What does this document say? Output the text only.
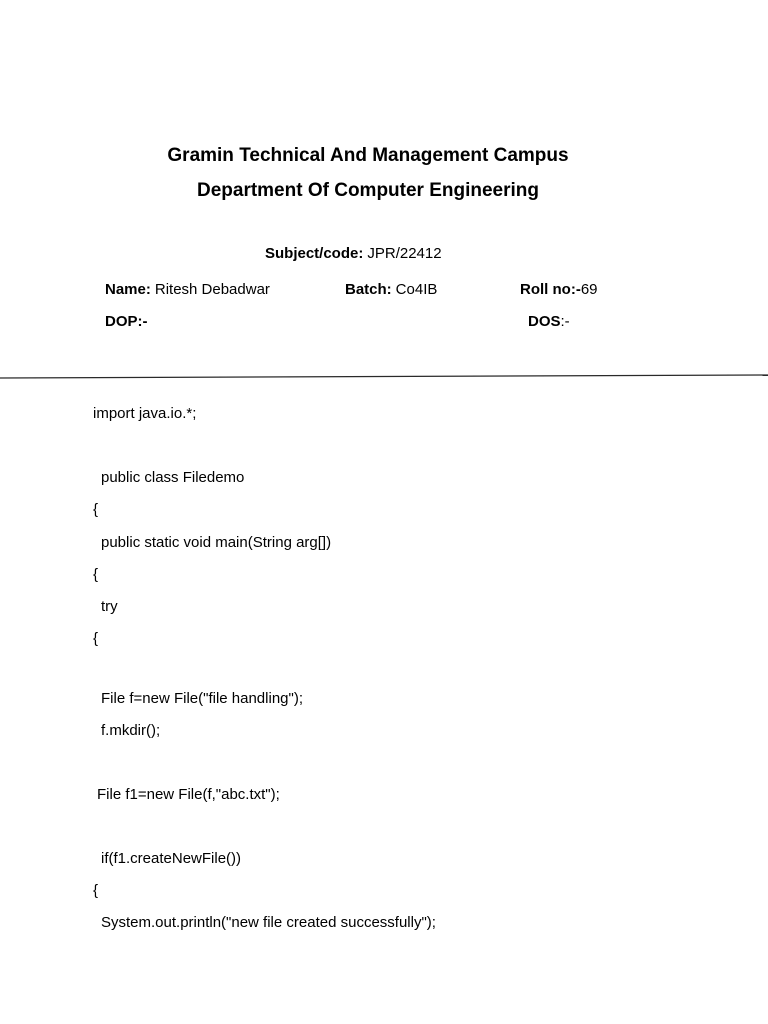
Gramin Technical And Management Campus
Department Of Computer Engineering
Subject/code: JPR/22412
Name: Ritesh Debadwar	Batch: Co4IB	Roll no:-69
DOP:-	DOS:-
import java.io.*;
public class Filedemo
{
public static void main(String arg[])
{
try
{
File f=new File("file handling");
f.mkdir();
File f1=new File(f,"abc.txt");
if(f1.createNewFile())
{
System.out.println("new file created successfully");
